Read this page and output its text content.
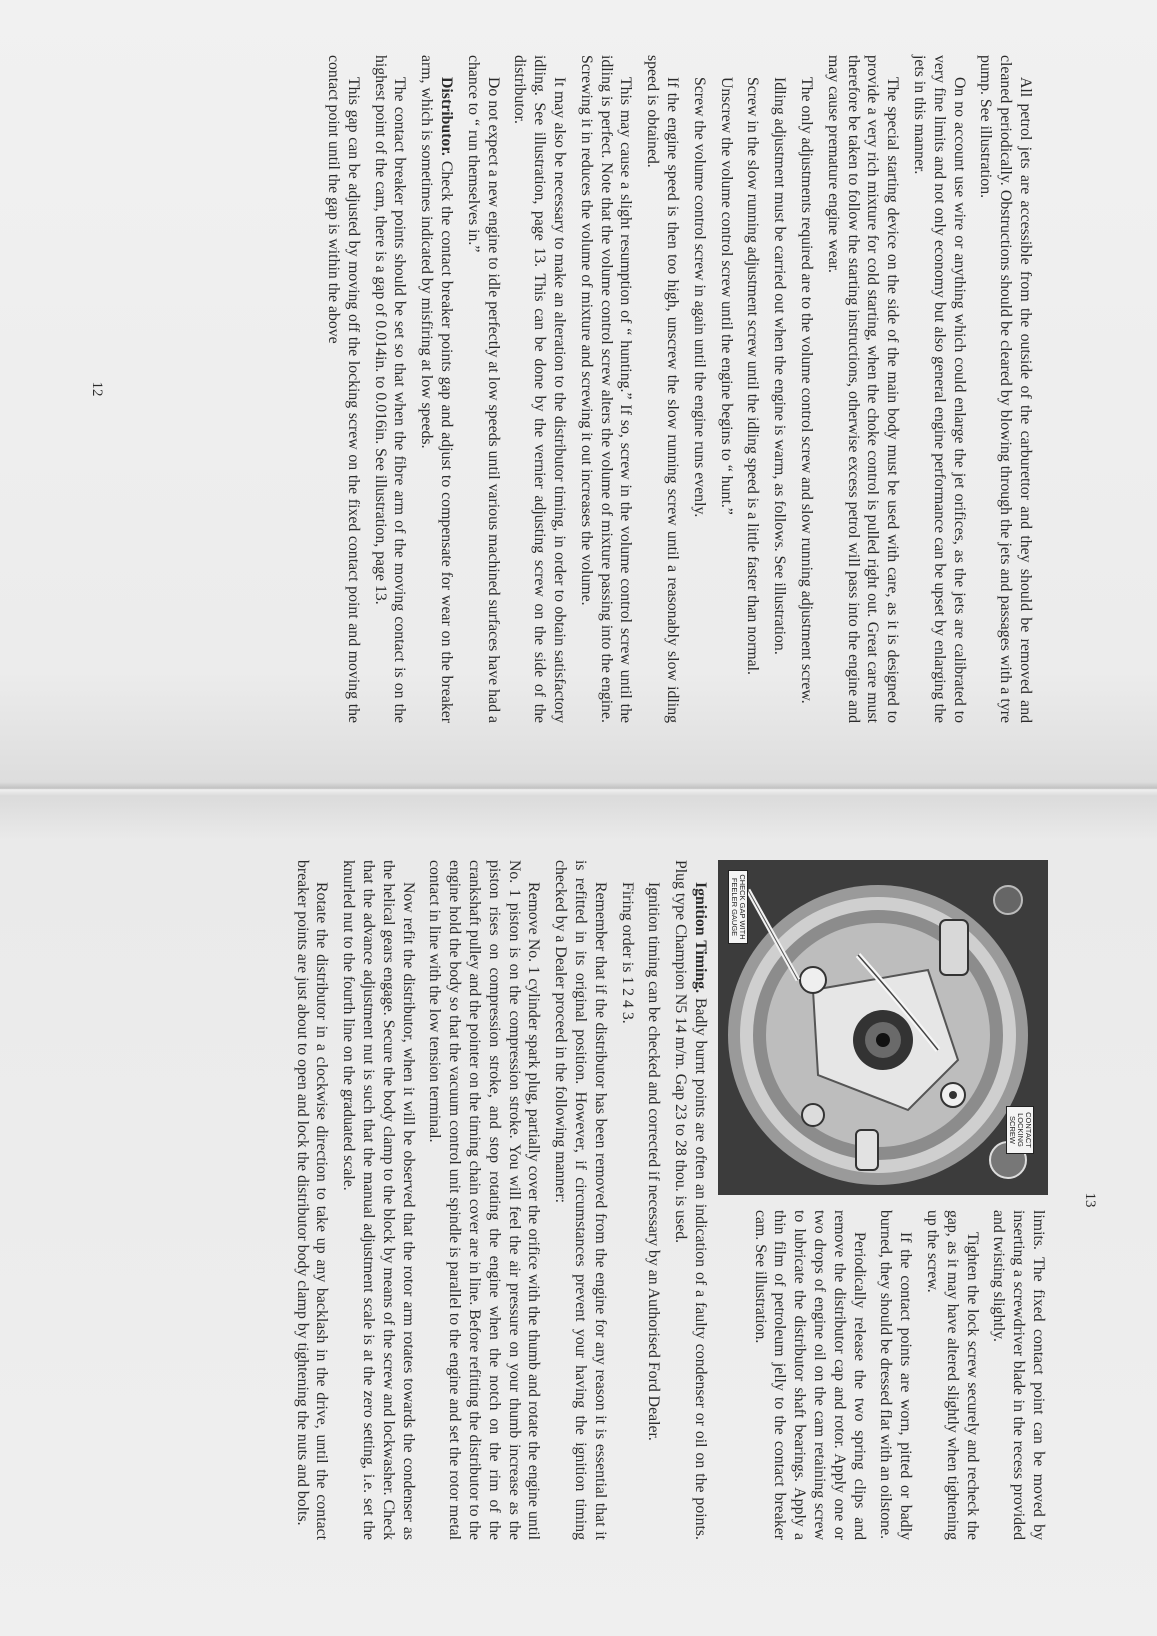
All petrol jets are accessible from the outside of the carburettor and they should be removed and cleaned periodically. Obstructions should be cleared by blowing through the jets and passages with a tyre pump. See illustration.

On no account use wire or anything which could enlarge the jet orifices, as the jets are calibrated to very fine limits and not only economy but also general engine performance can be upset by enlarging the jets in this manner.

The special starting device on the side of the main body must be used with care, as it is designed to provide a very rich mixture for cold starting, when the choke control is pulled right out. Great care must therefore be taken to follow the starting instructions, otherwise excess petrol will pass into the engine and may cause premature engine wear.

The only adjustments required are to the volume control screw and slow running adjustment screw.

Idling adjustment must be carried out when the engine is warm, as follows. See illustration.

Screw in the slow running adjustment screw until the idling speed is a little faster than normal.

Unscrew the volume control screw until the engine begins to “ hunt.”

Screw the volume control screw in again until the engine runs evenly.

If the engine speed is then too high, unscrew the slow running screw until a reasonably slow idling speed is obtained.

This may cause a slight resumption of “ hunting.” If so, screw in the volume control screw until the idling is perfect. Note that the volume control screw alters the volume of mixture passing into the engine. Screwing it in reduces the volume of mixture and screwing it out increases the volume.

It may also be necessary to make an alteration to the distributor timing, in order to obtain satisfactory idling. See illustration, page 13. This can be done by the vernier adjusting screw on the side of the distributor.

Do not expect a new engine to idle perfectly at low speeds until various machined surfaces have had a chance to “ run themselves in.”

Distributor. Check the contact breaker points gap and adjust to compensate for wear on the breaker arm, which is sometimes indicated by misfiring at low speeds.

The contact breaker points should be set so that when the fibre arm of the moving contact is on the highest point of the cam, there is a gap of 0.014in. to 0.016in. See illustration, page 13.

This gap can be adjusted by moving off the locking screw on the fixed contact point and moving the contact point until the gap is within the above

12
13
CONTACT LOCKING SCREW
CHECK GAP WITH FEELER GAUGE

limits. The fixed contact point can be moved by inserting a screwdriver blade in the recess provided and twisting slightly.

Tighten the lock screw securely and recheck the gap, as it may have altered slightly when tightening up the screw.

If the contact points are worn, pitted or badly burned, they should be dressed flat with an oilstone.

Periodically release the two spring clips and remove the distributor cap and rotor. Apply one or two drops of engine oil on the cam retaining screw to lubricate the distributor shaft bearings. Apply a thin film of petroleum jelly to the contact breaker cam. See illustration.

Ignition Timing. Badly burnt points are often an indication of a faulty condenser or oil on the points. Plug type Champion N5 14 m/m. Gap 23 to 28 thou. is used.

Ignition timing can be checked and corrected if necessary by an Authorised Ford Dealer.

Firing order is 1 2 4 3.

Remember that if the distributor has been removed from the engine for any reason it is essential that it is refitted in its original position. However, if circumstances prevent your having the ignition timing checked by a Dealer proceed in the following manner:

Remove No. 1 cylinder spark plug, partially cover the orifice with the thumb and rotate the engine until No. 1 piston is on the compression stroke. You will feel the air pressure on your thumb increase as the piston rises on compression stroke, and stop rotating the engine when the notch on the rim of the crankshaft pulley and the pointer on the timing chain cover are in line. Before refitting the distributor to the engine hold the body so that the vacuum control unit spindle is parallel to the engine and set the rotor metal contact in line with the low tension terminal.

Now refit the distributor, when it will be observed that the rotor arm rotates towards the condenser as the helical gears engage. Secure the body clamp to the block by means of the screw and lockwasher. Check that the advance adjustment nut is such that the manual adjustment scale is at the zero setting, i.e. set the knurled nut to the fourth line on the graduated scale.

Rotate the distributor in a clockwise direction to take up any backlash in the drive, until the contact breaker points are just about to open and lock the distributor body clamp by tightening the nuts and bolts.
